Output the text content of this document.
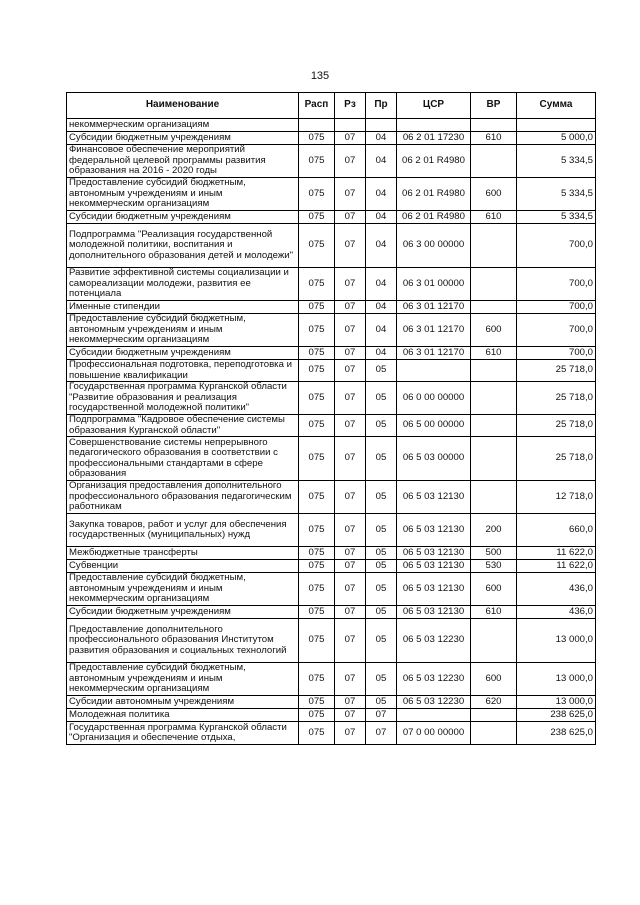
135
Наименование	Расп	Рз	Пр	ЦСР	ВР	Сумма
некоммерческим организациям						
Субсидии бюджетным учреждениям	075	07	04	06 2 01 17230	610	5 000,0
Финансовое обеспечение мероприятий федеральной целевой программы развития образования на 2016 - 2020 годы	075	07	04	06 2 01 R4980		5 334,5
Предоставление субсидий бюджетным, автономным учреждениям и иным некоммерческим организациям	075	07	04	06 2 01 R4980	600	5 334,5
Субсидии бюджетным учреждениям	075	07	04	06 2 01 R4980	610	5 334,5
Подпрограмма "Реализация государственной молодежной политики, воспитания и дополнительного образования детей и молодежи"	075	07	04	06 3 00 00000		700,0
Развитие эффективной системы социализации и самореализации молодежи, развития ее потенциала	075	07	04	06 3 01 00000		700,0
Именные стипендии	075	07	04	06 3 01 12170		700,0
Предоставление субсидий бюджетным, автономным учреждениям и иным некоммерческим организациям	075	07	04	06 3 01 12170	600	700,0
Субсидии бюджетным учреждениям	075	07	04	06 3 01 12170	610	700,0
Профессиональная подготовка, переподготовка и повышение квалификации	075	07	05			25 718,0
Государственная программа Курганской области "Развитие образования и реализация государственной молодежной политики"	075	07	05	06 0 00 00000		25 718,0
Подпрограмма "Кадровое обеспечение системы образования Курганской области"	075	07	05	06 5 00 00000		25 718,0
Совершенствование системы непрерывного педагогического образования в соответствии с профессиональными стандартами в сфере образования	075	07	05	06 5 03 00000		25 718,0
Организация предоставления дополнительного профессионального образования педагогическим работникам	075	07	05	06 5 03 12130		12 718,0
Закупка товаров, работ и услуг для обеспечения государственных (муниципальных) нужд	075	07	05	06 5 03 12130	200	660,0
Межбюджетные трансферты	075	07	05	06 5 03 12130	500	11 622,0
Субвенции	075	07	05	06 5 03 12130	530	11 622,0
Предоставление субсидий бюджетным, автономным учреждениям и иным некоммерческим организациям	075	07	05	06 5 03 12130	600	436,0
Субсидии бюджетным учреждениям	075	07	05	06 5 03 12130	610	436,0
Предоставление дополнительного профессионального образования Институтом развития образования и социальных технологий	075	07	05	06 5 03 12230		13 000,0
Предоставление субсидий бюджетным, автономным учреждениям и иным некоммерческим организациям	075	07	05	06 5 03 12230	600	13 000,0
Субсидии автономным учреждениям	075	07	05	06 5 03 12230	620	13 000,0
Молодежная политика	075	07	07			238 625,0
Государственная программа Курганской области "Организация и обеспечение отдыха,	075	07	07	07 0 00 00000		238 625,0
